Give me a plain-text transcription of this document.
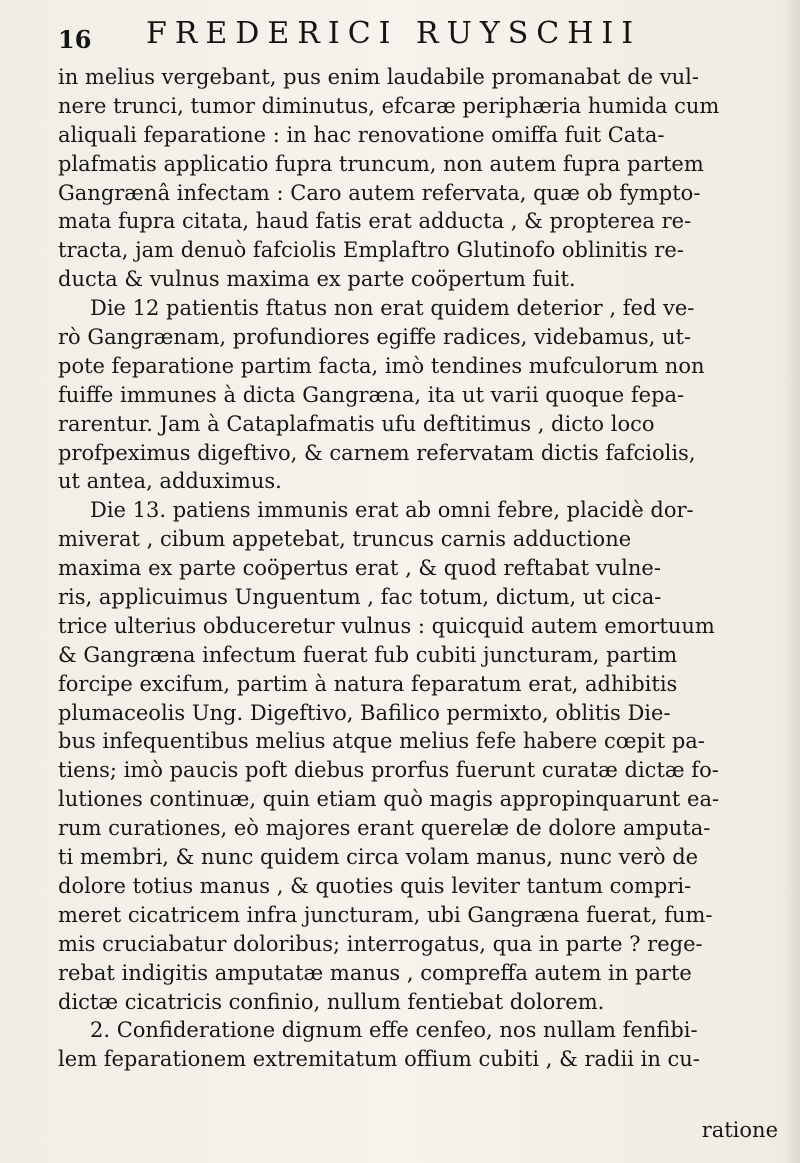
16 FREDERICI RUYSCHII
in melius vergebant, pus enim laudabile promanabat de vul-
nere trunci, tumor diminutus, efcaræ periphæria humida cum
aliquali feparatione : in hac renovatione omiffa fuit Cata-
plafmatis applicatio fupra truncum, non autem fupra partem
Gangrænâ infectam : Caro autem refervata, quæ ob fympto-
mata fupra citata, haud fatis erat adducta , & propterea re-
tracta, jam denuò fafciolis Emplaftro Glutinofo oblinitis re-
ducta & vulnus maxima ex parte coöpertum fuit.
Die 12 patientis ftatus non erat quidem deterior , fed ve-
rò Gangrænam, profundiores egiffe radices, videbamus, ut-
pote feparatione partim facta, imò tendines mufculorum non
fuiffe immunes à dicta Gangræna, ita ut varii quoque fepa-
rarentur. Jam à Cataplafmatis ufu deftitimus , dicto loco
profpeximus digeftivo, & carnem refervatam dictis fafciolis,
ut antea, adduximus.
Die 13. patiens immunis erat ab omni febre, placidè dor-
miverat , cibum appetebat, truncus carnis adductione
maxima ex parte coöpertus erat , & quod reftabat vulne-
ris, applicuimus Unguentum , fac totum, dictum, ut cica-
trice ulterius obduceretur vulnus : quicquid autem emortuum
& Gangræna infectum fuerat fub cubiti juncturam, partim
forcipe excifum, partim à natura feparatum erat, adhibitis
plumaceolis Ung. Digeftivo, Bafilico permixto, oblitis Die-
bus infequentibus melius atque melius fefe habere cœpit pa-
tiens; imò paucis poft diebus prorfus fuerunt curatæ dictæ fo-
lutiones continuæ, quin etiam quò magis appropinquarunt ea-
rum curationes, eò majores erant querelæ de dolore amputa-
ti membri, & nunc quidem circa volam manus, nunc verò de
dolore totius manus , & quoties quis leviter tantum compri-
meret cicatricem infra juncturam, ubi Gangræna fuerat, fum-
mis cruciabatur doloribus; interrogatus, qua in parte ? rege-
rebat indigitis amputatæ manus , compreffa autem in parte
dictæ cicatricis confinio, nullum fentiebat dolorem.
2. Confideratione dignum effe cenfeo, nos nullam fenfibi-
lem feparationem extremitatum offium cubiti , & radii in cu-
ratione
